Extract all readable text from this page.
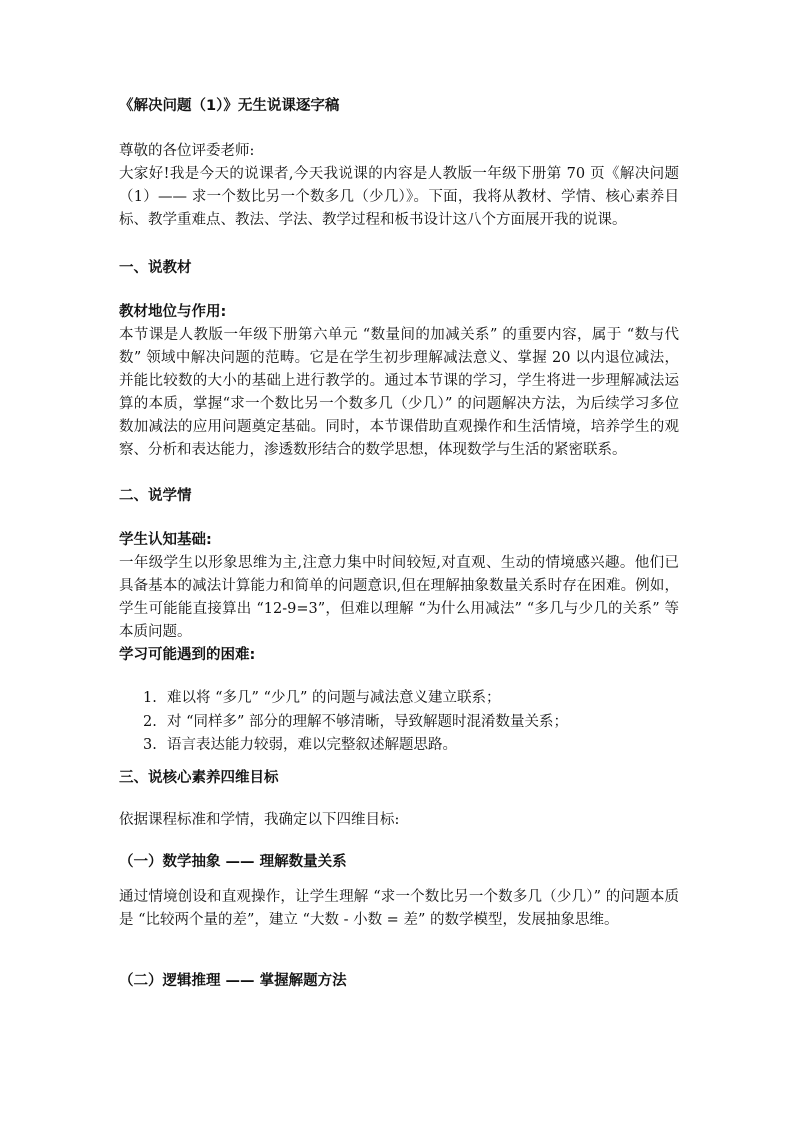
《解决问题（1）》无生说课逐字稿

尊敬的各位评委老师:

大家好!我是今天的说课者,今天我说课的内容是人教版一年级下册第 70 页《解决问题（1）—— 求一个数比另一个数多几（少几）》。下面，我将从教材、学情、核心素养目标、教学重难点、教法、学法、教学过程和板书设计这八个方面展开我的说课。

一、说教材

教材地位与作用:

本节课是人教版一年级下册第六单元 “数量间的加减关系” 的重要内容，属于 “数与代数” 领域中解决问题的范畴。它是在学生初步理解减法意义、掌握 20 以内退位减法，并能比较数的大小的基础上进行教学的。通过本节课的学习，学生将进一步理解减法运算的本质，掌握“求一个数比另一个数多几（少几）” 的问题解决方法，为后续学习多位数加减法的应用问题奠定基础。同时，本节课借助直观操作和生活情境，培养学生的观察、分析和表达能力，渗透数形结合的数学思想，体现数学与生活的紧密联系。

二、说学情

学生认知基础:

一年级学生以形象思维为主,注意力集中时间较短,对直观、生动的情境感兴趣。他们已具备基本的减法计算能力和简单的问题意识,但在理解抽象数量关系时存在困难。例如，学生可能能直接算出 “12-9=3”，但难以理解 “为什么用减法” “多几与少几的关系” 等本质问题。

学习可能遇到的困难:

1. 难以将 “多几” “少几” 的问题与减法意义建立联系；
2. 对 “同样多” 部分的理解不够清晰，导致解题时混淆数量关系；
3. 语言表达能力较弱，难以完整叙述解题思路。

三、说核心素养四维目标

依据课程标准和学情，我确定以下四维目标:

（一）数学抽象 —— 理解数量关系

通过情境创设和直观操作，让学生理解 “求一个数比另一个数多几（少几）” 的问题本质是 “比较两个量的差”，建立 “大数 - 小数 = 差” 的数学模型，发展抽象思维。

（二）逻辑推理 —— 掌握解题方法
